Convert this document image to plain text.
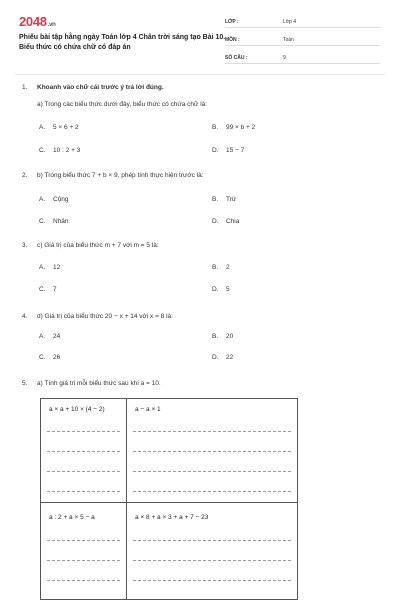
2048.vn
Phiếu bài tập hằng ngày Toán lớp 4 Chân trời sáng tạo Bài 10. Biểu thức có chứa chữ có đáp án
LỚP :	Lớp 4
MÔN :	Toán
SỐ CÂU :	9
1. Khoanh vào chữ cái trước ý trả lời đúng.
a) Trong các biểu thức dưới đây, biểu thức có chứa chữ là:
A. 5 × 6 + 2	B. 99 × b + 2
C. 10 : 2 + 3	D. 15 − 7
2. b) Trong biểu thức 7 + b × 9, phép tính thực hiện trước là:
A. Cộng	B. Trừ
C. Nhân	D. Chia
3. c) Giá trị của biểu thức m + 7 với m = 5 là:
A. 12	B. 2
C. 7	D. 5
4. d) Giá trị của biểu thức 20 − x + 14 với x = 8 là:
A. 24	B. 20
C. 26	D. 22
5. a) Tính giá trị mỗi biểu thức sau khi a = 10.
a × a + 10 × (4 − 2)	a − a × 1
a : 2 + a × 5 − a	a × 8 + a × 3 + a + 7 − 23
